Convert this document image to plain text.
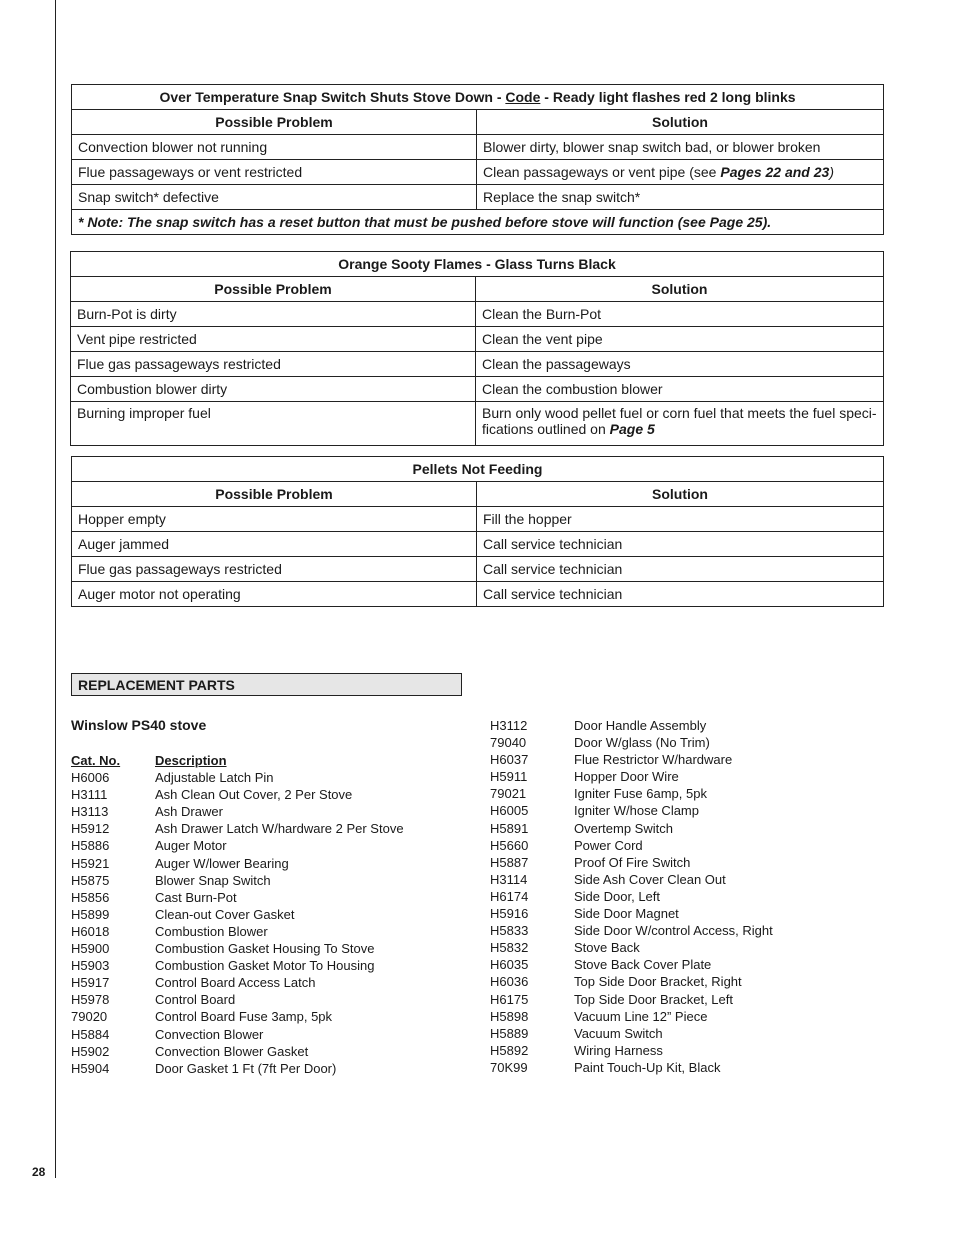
Over Temperature Snap Switch Shuts Stove Down - Code - Ready light flashes red 2 long blinks	
Possible Problem	Solution
Convection blower not running	Blower dirty, blower snap switch bad, or blower broken
Flue passageways or vent restricted	Clean passageways or vent pipe (see Pages 22 and 23)
Snap switch* defective	Replace the snap switch*
* Note: The snap switch has a reset button that must be pushed before stove will function (see Page 25).	
Orange Sooty Flames - Glass Turns Black	
Possible Problem	Solution
Burn-Pot is dirty	Clean the Burn-Pot
Vent pipe restricted	Clean the vent pipe
Flue gas passageways restricted	Clean the passageways
Combustion blower dirty	Clean the combustion blower
Burning improper fuel	Burn only wood pellet fuel or corn fuel that meets the fuel speci-fications outlined on Page 5
Pellets Not Feeding	
Possible Problem	Solution
Hopper empty	Fill the hopper
Auger jammed	Call service technician
Flue gas passageways restricted	Call service technician
Auger motor not operating	Call service technician
REPLACEMENT PARTS
Winslow PS40 stove
Cat. No.	Description
H6006	Adjustable Latch Pin
H3111	Ash Clean Out Cover, 2 Per Stove
H3113	Ash Drawer
H5912	Ash Drawer Latch W/hardware 2 Per Stove
H5886	Auger Motor
H5921	Auger W/lower Bearing
H5875	Blower Snap Switch
H5856	Cast Burn-Pot
H5899	Clean-out Cover Gasket
H6018	Combustion Blower
H5900	Combustion Gasket Housing To Stove
H5903	Combustion Gasket Motor To Housing
H5917	Control Board Access Latch
H5978	Control Board
79020	Control Board Fuse 3amp, 5pk
H5884	Convection Blower
H5902	Convection Blower Gasket
H5904	Door Gasket 1 Ft (7ft Per Door)
H3112	Door Handle Assembly
79040	Door W/glass (No Trim)
H6037	Flue Restrictor W/hardware
H5911	Hopper Door Wire
79021	Igniter Fuse 6amp, 5pk
H6005	Igniter W/hose Clamp
H5891	Overtemp Switch
H5660	Power Cord
H5887	Proof Of Fire Switch
H3114	Side Ash Cover Clean Out
H6174	Side Door, Left
H5916	Side Door Magnet
H5833	Side Door W/control Access, Right
H5832	Stove Back
H6035	Stove Back Cover Plate
H6036	Top Side Door Bracket, Right
H6175	Top Side Door Bracket, Left
H5898	Vacuum Line 12” Piece
H5889	Vacuum Switch
H5892	Wiring Harness
70K99	Paint Touch-Up Kit, Black
28
